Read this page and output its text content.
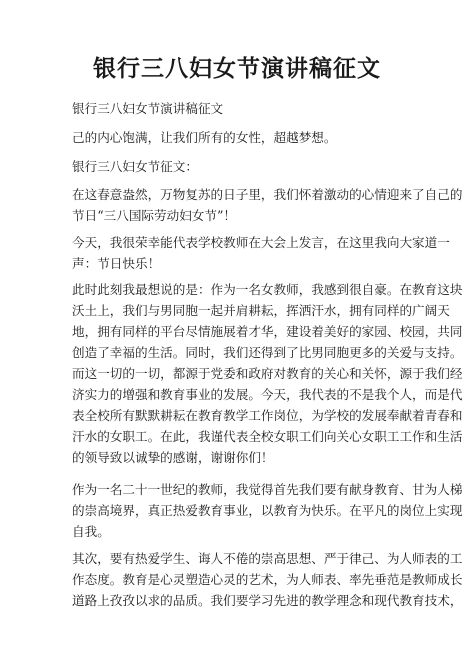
银行三八妇女节演讲稿征文
银行三八妇女节演讲稿征文
己的内心饱满，让我们所有的女性，超越梦想。
银行三八妇女节征文：
在这春意盎然，万物复苏的日子里，我们怀着激动的心情迎来了自己的
节日“三八国际劳动妇女节”！
今天，我很荣幸能代表学校教师在大会上发言，在这里我向大家道一
声：节日快乐！
此时此刻我最想说的是：作为一名女教师，我感到很自豪。在教育这块
沃土上，我们与男同胞一起并肩耕耘，挥洒汗水，拥有同样的广阔天
地，拥有同样的平台尽情施展着才华，建设着美好的家园、校园，共同
创造了幸福的生活。同时，我们还得到了比男同胞更多的关爱与支持。
而这一切的一切，都源于党委和政府对教育的关心和关怀，源于我们经
济实力的增强和教育事业的发展。今天，我代表的不是我个人，而是代
表全校所有默默耕耘在教育教学工作岗位，为学校的发展奉献着青春和
汗水的女职工。在此，我谨代表全校女职工们向关心女职工工作和生活
的领导致以诚挚的感谢，谢谢你们！
作为一名二十一世纪的教师，我觉得首先我们要有献身教育、甘为人梯
的崇高境界，真正热爱教育事业，以教育为快乐。在平凡的岗位上实现
自我。
其次，要有热爱学生、诲人不倦的崇高思想、严于律己、为人师表的工
作态度。教育是心灵塑造心灵的艺术，为人师表、率先垂范是教师成长
道路上孜孜以求的品质。我们要学习先进的教学理念和现代教育技术，
